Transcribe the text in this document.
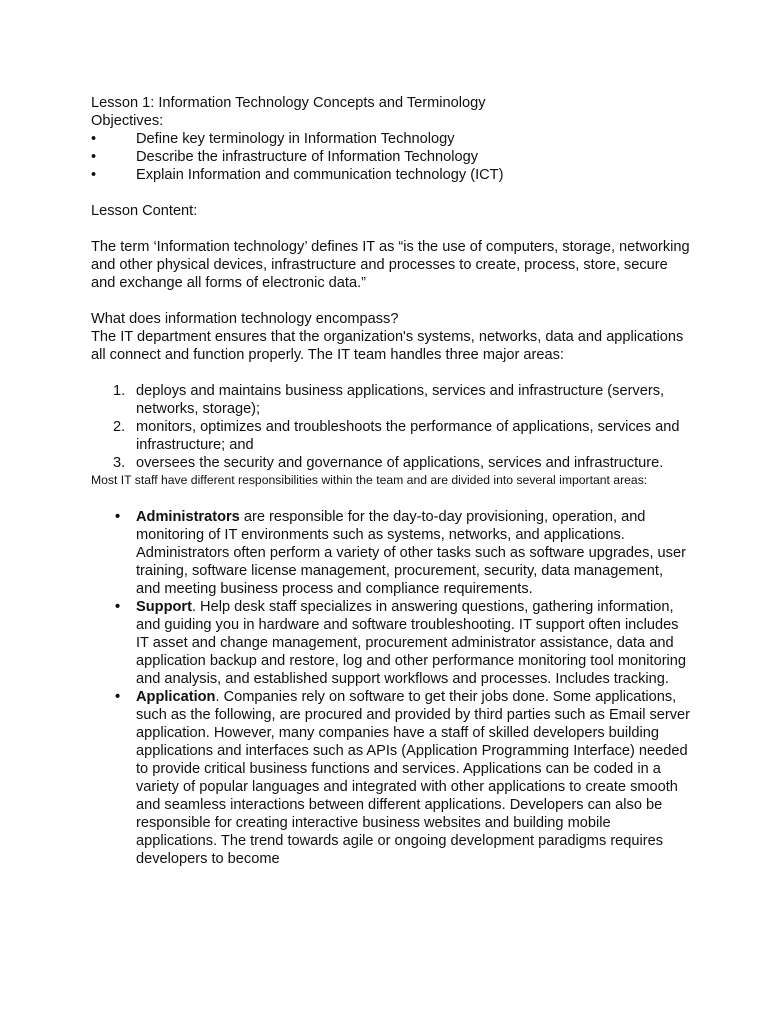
Lesson 1: Information Technology Concepts and Terminology

Objectives:

•	Define key terminology in Information Technology
•	Describe the infrastructure of Information Technology
•	Explain Information and communication technology (ICT)

Lesson Content:

The term ‘Information technology’ defines IT as “is the use of computers, storage, networking and other physical devices, infrastructure and processes to create, process, store, secure and exchange all forms of electronic data.”

What does information technology encompass?

The IT department ensures that the organization's systems, networks, data and applications all connect and function properly. The IT team handles three major areas:

1. deploys and maintains business applications, services and infrastructure (servers, networks, storage);
2. monitors, optimizes and troubleshoots the performance of applications, services and infrastructure; and
3. oversees the security and governance of applications, services and infrastructure.

Most IT staff have different responsibilities within the team and are divided into several important areas:

•	Administrators are responsible for the day-to-day provisioning, operation, and monitoring of IT environments such as systems, networks, and applications. Administrators often perform a variety of other tasks such as software upgrades, user training, software license management, procurement, security, data management, and meeting business process and compliance requirements.
•	Support. Help desk staff specializes in answering questions, gathering information, and guiding you in hardware and software troubleshooting. IT support often includes IT asset and change management, procurement administrator assistance, data and application backup and restore, log and other performance monitoring tool monitoring and analysis, and established support workflows and processes. Includes tracking.
•	Application. Companies rely on software to get their jobs done. Some applications, such as the following, are procured and provided by third parties such as Email server application. However, many companies have a staff of skilled developers building applications and interfaces such as APIs (Application Programming Interface) needed to provide critical business functions and services. Applications can be coded in a variety of popular languages and integrated with other applications to create smooth and seamless interactions between different applications. Developers can also be responsible for creating interactive business websites and building mobile applications. The trend towards agile or ongoing development paradigms requires developers to become
